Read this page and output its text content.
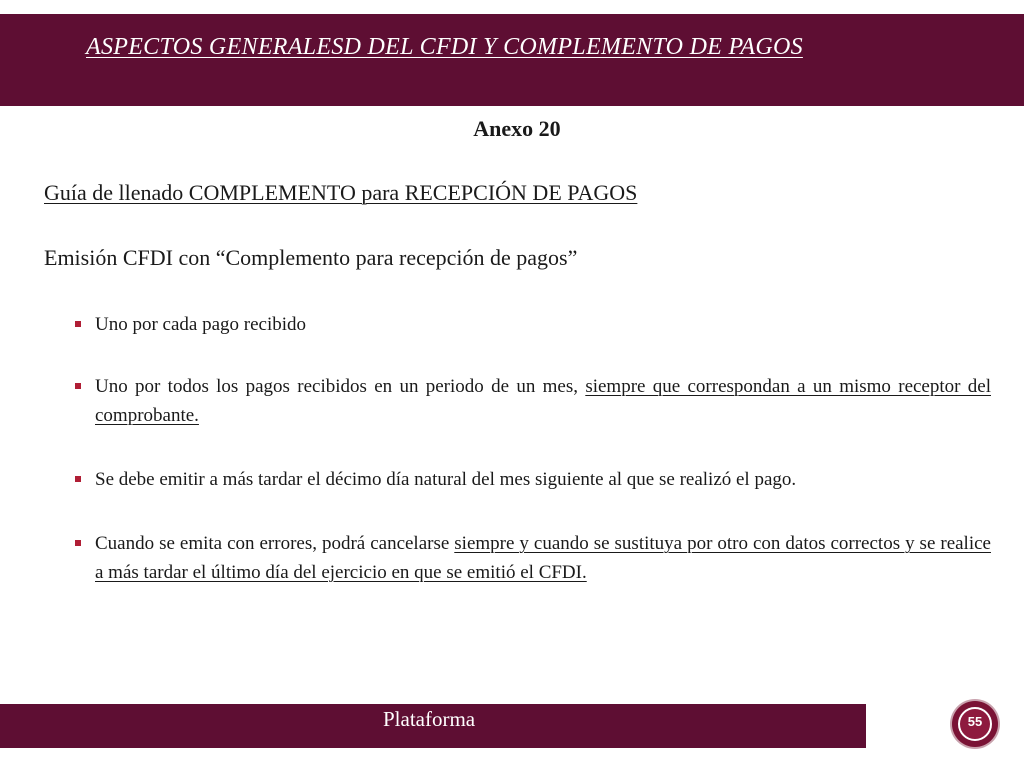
ASPECTOS GENERALESD DEL CFDI Y COMPLEMENTO DE PAGOS
Anexo 20
Guía de llenado COMPLEMENTO para RECEPCIÓN DE PAGOS
Emisión CFDI con “Complemento para recepción de pagos”
Uno por cada pago recibido
Uno por todos los pagos recibidos en un periodo de un mes, siempre que correspondan a un mismo receptor del comprobante.
Se debe emitir a más tardar el décimo día natural del mes siguiente al que se realizó el pago.
Cuando se emita con errores, podrá cancelarse siempre y cuando se sustituya por otro con datos correctos y se realice a más tardar el último día del ejercicio en que se emitió el CFDI.
Plataforma	55
